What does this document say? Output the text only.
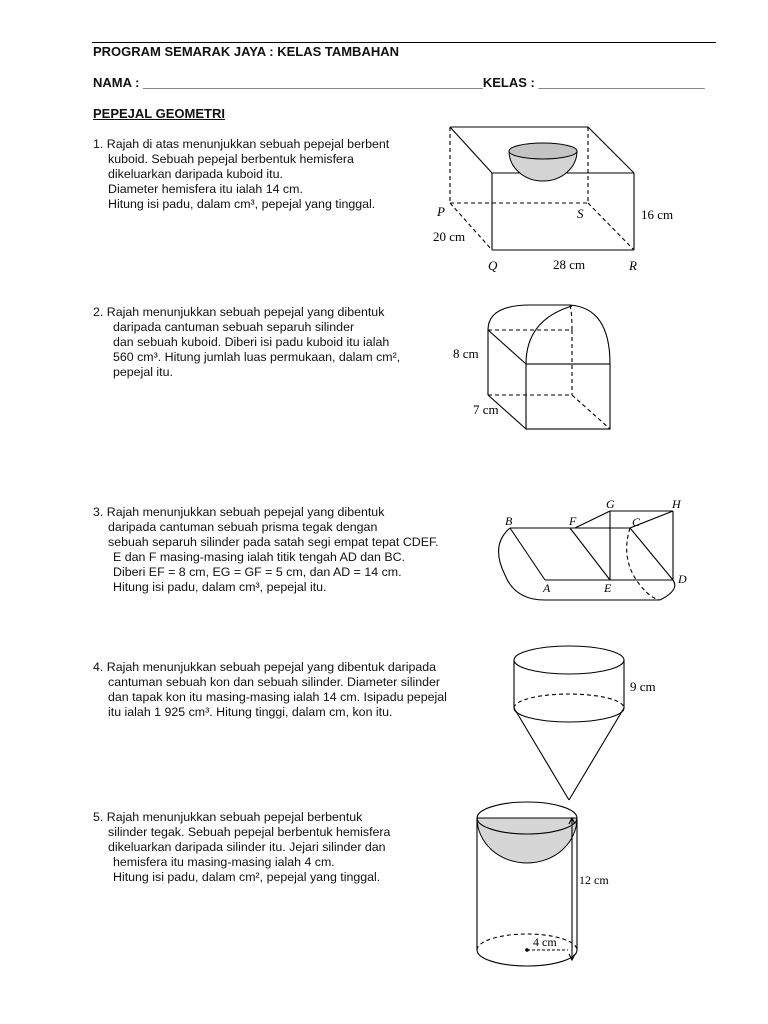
PROGRAM SEMARAK JAYA : KELAS TAMBAHAN
NAMA : _______________________________________________KELAS : _______________________
PEPEJAL GEOMETRI
1. Rajah di atas menunjukkan sebuah pepejal berbent
kuboid. Sebuah pepejal berbentuk hemisfera
dikeluarkan daripada kuboid itu.
Diameter hemisfera itu ialah 14 cm.
Hitung isi padu, dalam cm³, pepejal yang tinggal.	P	S
Q	R
16 cm
20 cm
28 cm
2. Rajah menunjukkan sebuah pepejal yang dibentuk
daripada cantuman sebuah separuh silinder
dan sebuah kuboid. Diberi isi padu kuboid itu ialah
560 cm³. Hitung jumlah luas permukaan, dalam cm²,
pepejal itu.
8 cm
7 cm
3. Rajah menunjukkan sebuah pepejal yang dibentuk
daripada cantuman sebuah prisma tegak dengan
sebuah separuh silinder pada satah segi empat tepat CDEF.
E dan F masing-masing ialah titik tengah AD dan BC.
Diberi EF = 8 cm, EG = GF = 5 cm, dan AD = 14 cm.
Hitung isi padu, dalam cm³, pepejal itu.
B	F
G
C
H
A	E
D
4. Rajah menunjukkan sebuah pepejal yang dibentuk daripada
cantuman sebuah kon dan sebuah silinder. Diameter silinder
dan tapak kon itu masing-masing ialah 14 cm. Isipadu pepejal
itu ialah 1 925 cm³. Hitung tinggi, dalam cm, kon itu.
9 cm
5. Rajah menunjukkan sebuah pepejal berbentuk
silinder tegak. Sebuah pepejal berbentuk hemisfera
dikeluarkan daripada silinder itu. Jejari silinder dan
hemisfera itu masing-masing ialah 4 cm.
Hitung isi padu, dalam cm², pepejal yang tinggal.	12 cm
4 cm
